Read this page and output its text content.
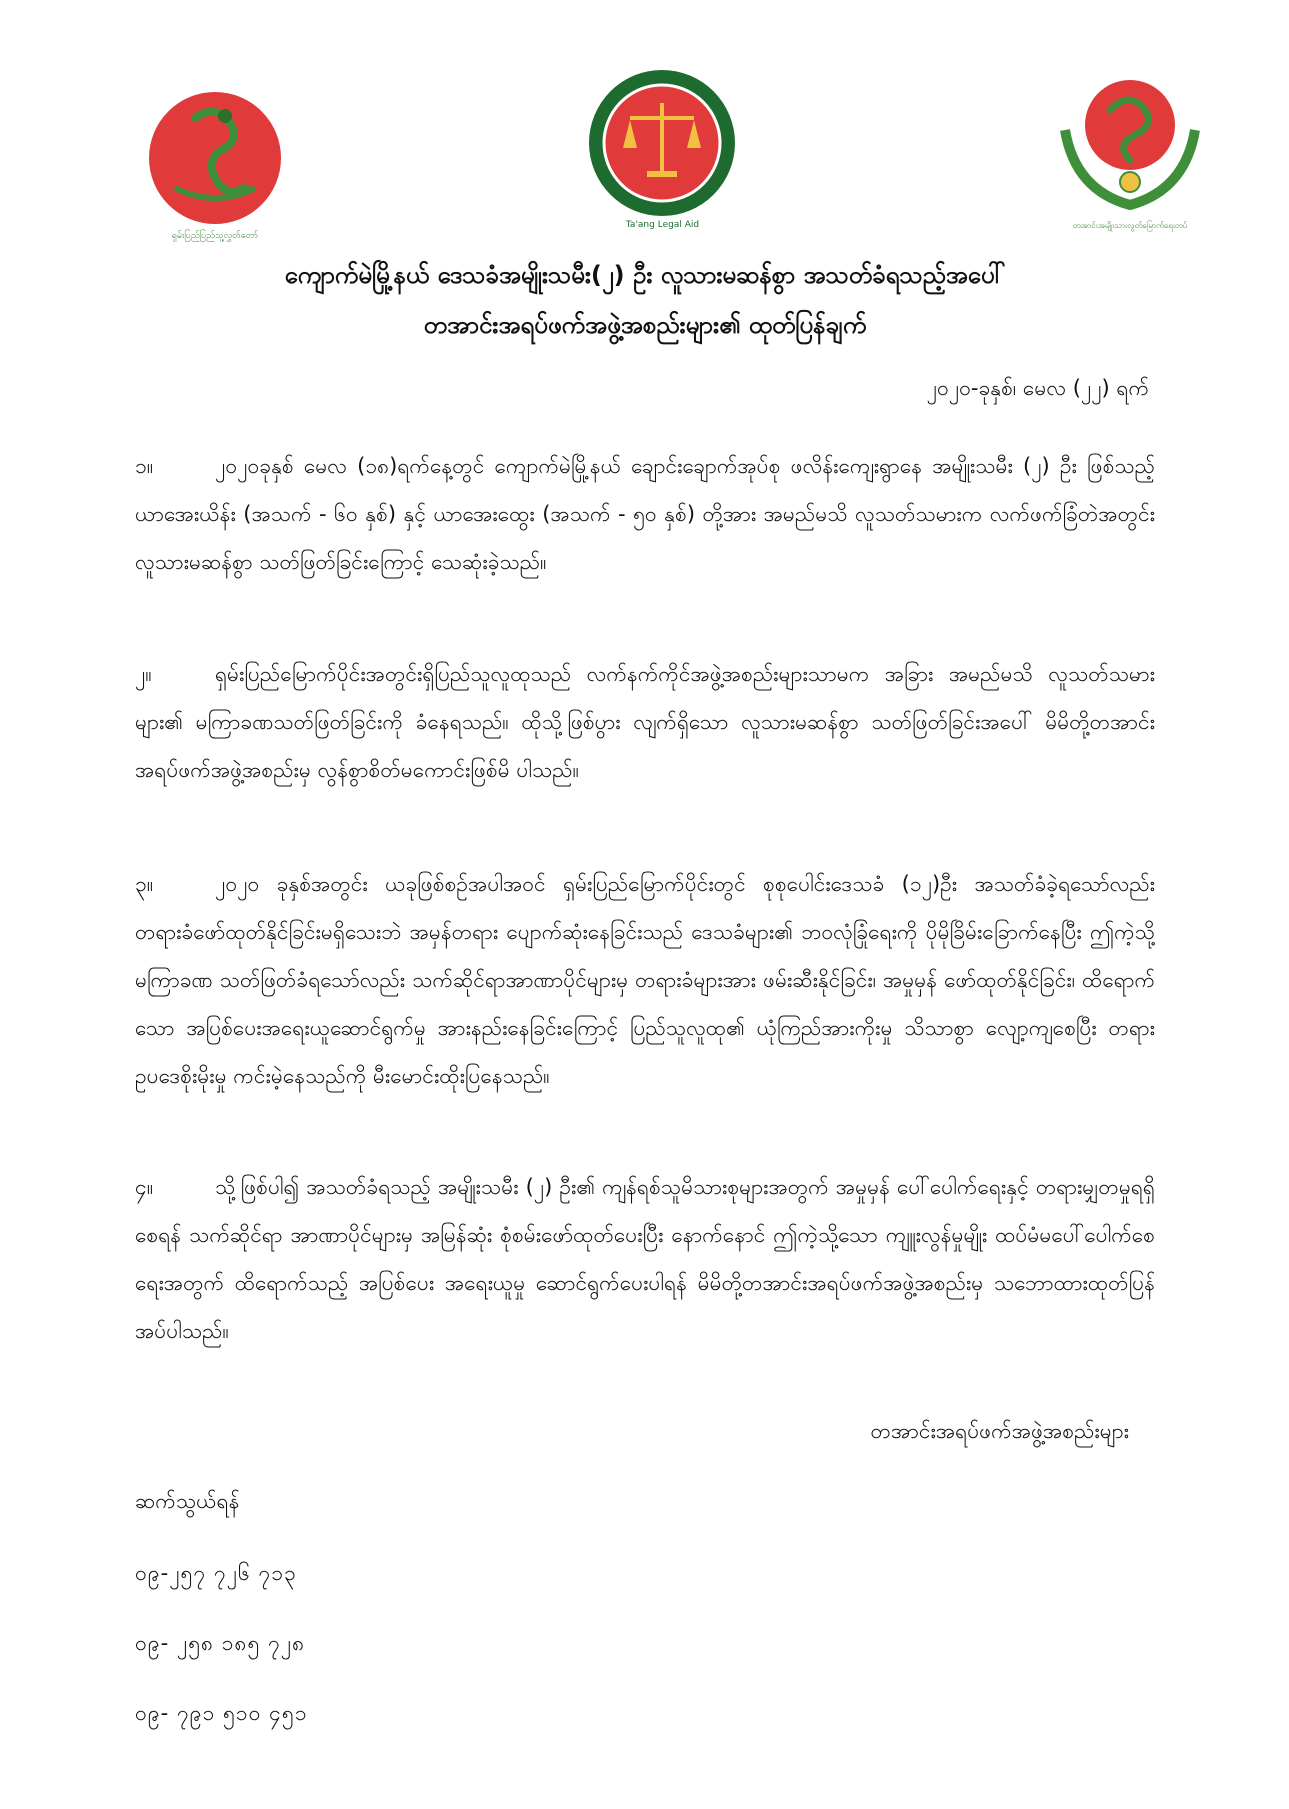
ရှမ်းပြည်ပြည်သူ့လွှတ်တော်
Ta'ang Legal Aid	တအာင်းအမျိုးသားလွတ်မြောက်ရေးတပ်
ကျောက်မဲမြို့နယ် ဒေသခံအမျိုးသမီး(၂) ဦး လူသားမဆန်စွာ အသတ်ခံရသည့်အပေါ်
တအာင်းအရပ်ဖက်အဖွဲ့အစည်းများ၏ ထုတ်ပြန်ချက်
၂၀၂၀-ခုနှစ်၊ မေလ (၂၂) ရက်
၁။	၂၀၂၀ခုနှစ် မေလ (၁၈)ရက်နေ့တွင် ကျောက်မဲမြို့နယ် ချောင်းချောက်အုပ်စု ဖလိန်းကျေးရွာနေ အမျိုးသမီး (၂) ဦး ဖြစ်သည့် ယာအေးယိန်း (အသက် - ၆၀ နှစ်) နှင့် ယာအေးထွေး (အသက် - ၅၀ နှစ်) တို့အား အမည်မသိ လူသတ်သမားက လက်ဖက်ခြံတဲအတွင်း လူသားမဆန်စွာ သတ်ဖြတ်ခြင်းကြောင့် သေဆုံးခဲ့သည်။
၂။	ရှမ်းပြည်မြောက်ပိုင်းအတွင်းရှိပြည်သူလူထုသည် လက်နက်ကိုင်အဖွဲ့အစည်းများသာမက အခြား အမည်မသိ လူသတ်သမားများ၏ မကြာခဏသတ်ဖြတ်ခြင်းကို ခံနေရသည်။ ထိုသို့ဖြစ်ပွား လျက်ရှိသော လူသားမဆန်စွာ သတ်ဖြတ်ခြင်းအပေါ် မိမိတို့တအာင်းအရပ်ဖက်အဖွဲ့အစည်းမှ လွန်စွာစိတ်မကောင်းဖြစ်မိ ပါသည်။
၃။	၂၀၂၀ ခုနှစ်အတွင်း ယခုဖြစ်စဉ်အပါအဝင် ရှမ်းပြည်မြောက်ပိုင်းတွင် စုစုပေါင်းဒေသခံ (၁၂)ဦး အသတ်ခံခဲ့ရသော်လည်း တရားခံဖော်ထုတ်နိုင်ခြင်းမရှိသေးဘဲ အမှန်တရား ပျောက်ဆုံးနေခြင်းသည် ဒေသခံများ၏ ဘဝလုံခြုံရေးကို ပိုမိုခြိမ်းခြောက်နေပြီး ဤကဲ့သို့ မကြာခဏ သတ်ဖြတ်ခံရသော်လည်း သက်ဆိုင်ရာအာဏာပိုင်များမှ တရားခံများအား ဖမ်းဆီးနိုင်ခြင်း၊ အမှုမှန် ဖော်ထုတ်နိုင်ခြင်း၊ ထိရောက်သော အပြစ်ပေးအရေးယူဆောင်ရွက်မှု အားနည်းနေခြင်းကြောင့် ပြည်သူလူထု၏ ယုံကြည်အားကိုးမှု သိသာစွာ လျော့ကျစေပြီး တရားဥပဒေစိုးမိုးမှု ကင်းမဲ့နေသည်ကို မီးမောင်းထိုးပြနေသည်။
၄။	သို့ဖြစ်ပါ၍ အသတ်ခံရသည့် အမျိုးသမီး (၂) ဦး၏ ကျန်ရစ်သူမိသားစုများအတွက် အမှုမှန် ပေါ်ပေါက်ရေးနှင့် တရားမျှတမှုရရှိစေရန် သက်ဆိုင်ရာ အာဏာပိုင်များမှ အမြန်ဆုံး စုံစမ်းဖော်ထုတ်ပေးပြီး နောက်နောင် ဤကဲ့သို့သော ကျူးလွန်မှုမျိုး ထပ်မံမပေါ်ပေါက်စေရေးအတွက် ထိရောက်သည့် အပြစ်ပေး အရေးယူမှု ဆောင်ရွက်ပေးပါရန် မိမိတို့တအာင်းအရပ်ဖက်အဖွဲ့အစည်းမှ သဘောထားထုတ်ပြန် အပ်ပါသည်။
တအာင်းအရပ်ဖက်အဖွဲ့အစည်းများ
ဆက်သွယ်ရန်
၀၉-၂၅၇ ၇၂၆ ၇၁၃
၀၉- ၂၅၈ ၁၈၅ ၇၂၈
၀၉- ၇၉၁ ၅၁၀ ၄၅၁
